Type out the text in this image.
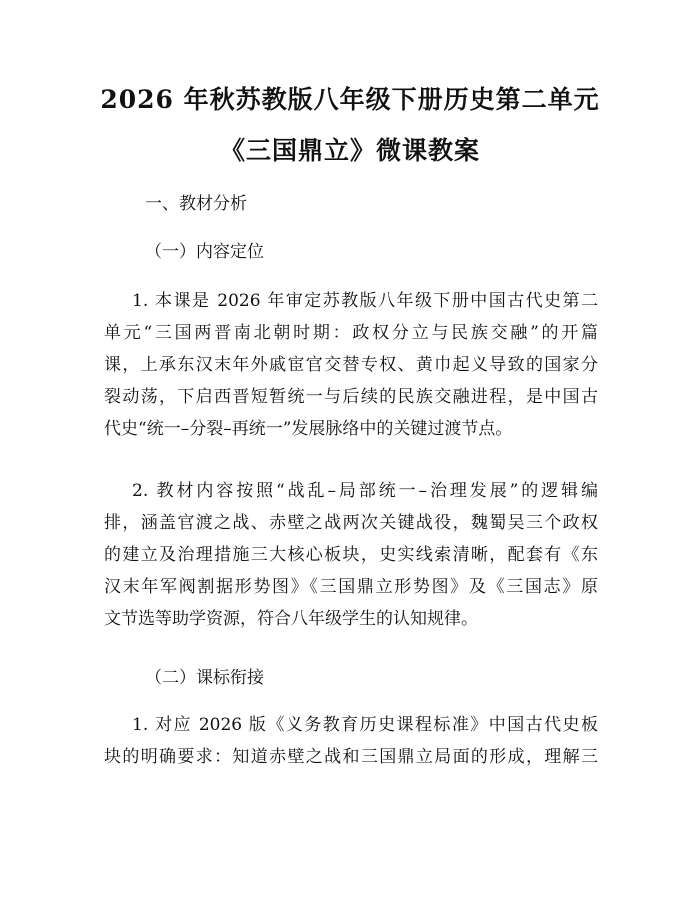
2026 年秋苏教版八年级下册历史第二单元
《三国鼎立》微课教案
一、教材分析
（一）内容定位
1. 本课是 2026 年审定苏教版八年级下册中国古代史第二
单元“三国两晋南北朝时期：政权分立与民族交融”的开篇
课，上承东汉末年外戚宦官交替专权、黄巾起义导致的国家分
裂动荡，下启西晋短暂统一与后续的民族交融进程，是中国古
代史“统一–分裂–再统一”发展脉络中的关键过渡节点。
2. 教材内容按照“战乱–局部统一–治理发展”的逻辑编
排，涵盖官渡之战、赤壁之战两次关键战役，魏蜀吴三个政权
的建立及治理措施三大核心板块，史实线索清晰，配套有《东
汉末年军阀割据形势图》《三国鼎立形势图》及《三国志》原
文节选等助学资源，符合八年级学生的认知规律。
（二）课标衔接
1. 对应 2026 版《义务教育历史课程标准》中国古代史板
块的明确要求：知道赤壁之战和三国鼎立局面的形成，理解三
